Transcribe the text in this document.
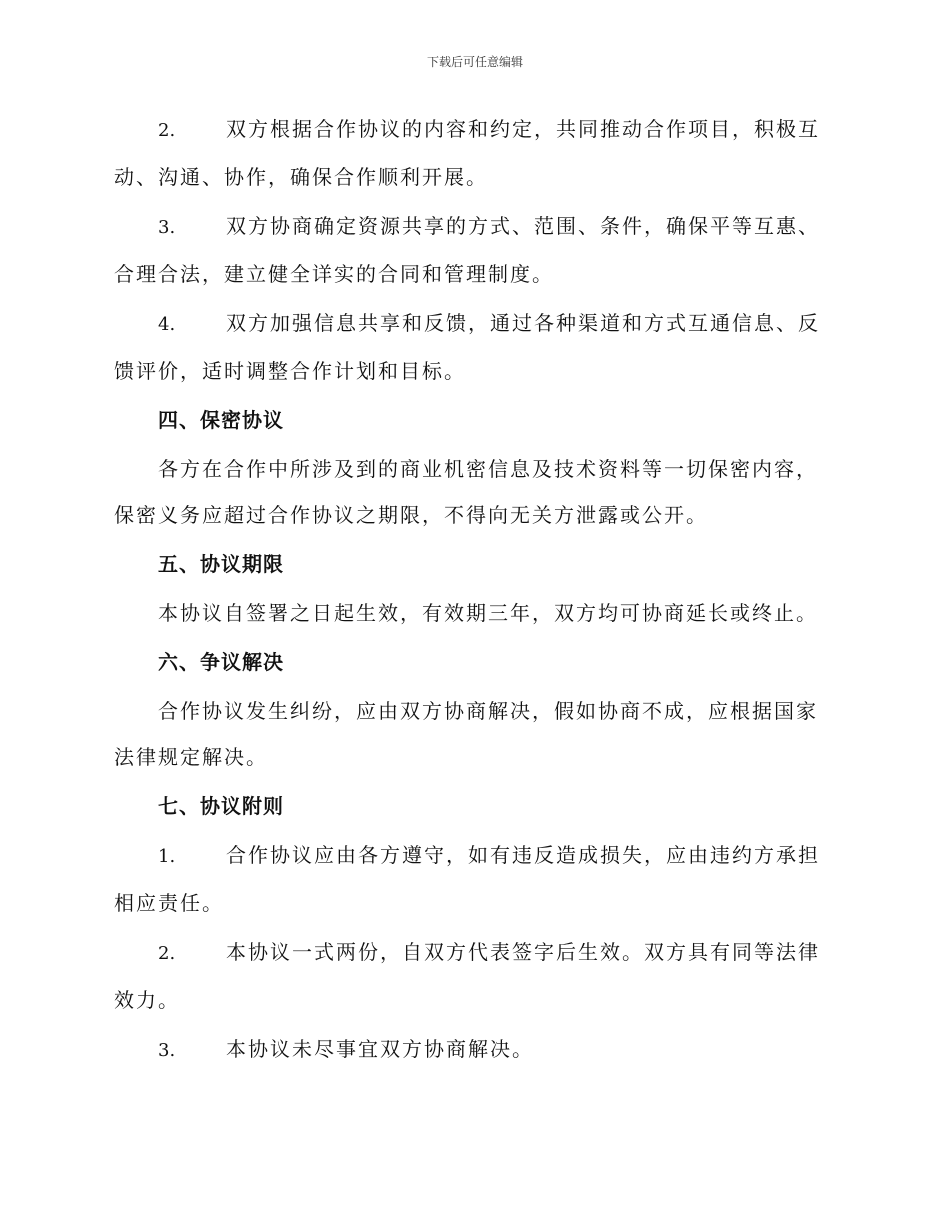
下载后可任意编辑

2.	双方根据合作协议的内容和约定，共同推动合作项目，积极互动、沟通、协作，确保合作顺利开展。

3.	双方协商确定资源共享的方式、范围、条件，确保平等互惠、合理合法，建立健全详实的合同和管理制度。

4.	双方加强信息共享和反馈，通过各种渠道和方式互通信息、反馈评价，适时调整合作计划和目标。

四、保密协议

各方在合作中所涉及到的商业机密信息及技术资料等一切保密内容，保密义务应超过合作协议之期限，不得向无关方泄露或公开。

五、协议期限

本协议自签署之日起生效，有效期三年，双方均可协商延长或终止。

六、争议解决

合作协议发生纠纷，应由双方协商解决，假如协商不成，应根据国家法律规定解决。

七、协议附则

1.	合作协议应由各方遵守，如有违反造成损失，应由违约方承担相应责任。

2.	本协议一式两份，自双方代表签字后生效。双方具有同等法律效力。

3.	本协议未尽事宜双方协商解决。
